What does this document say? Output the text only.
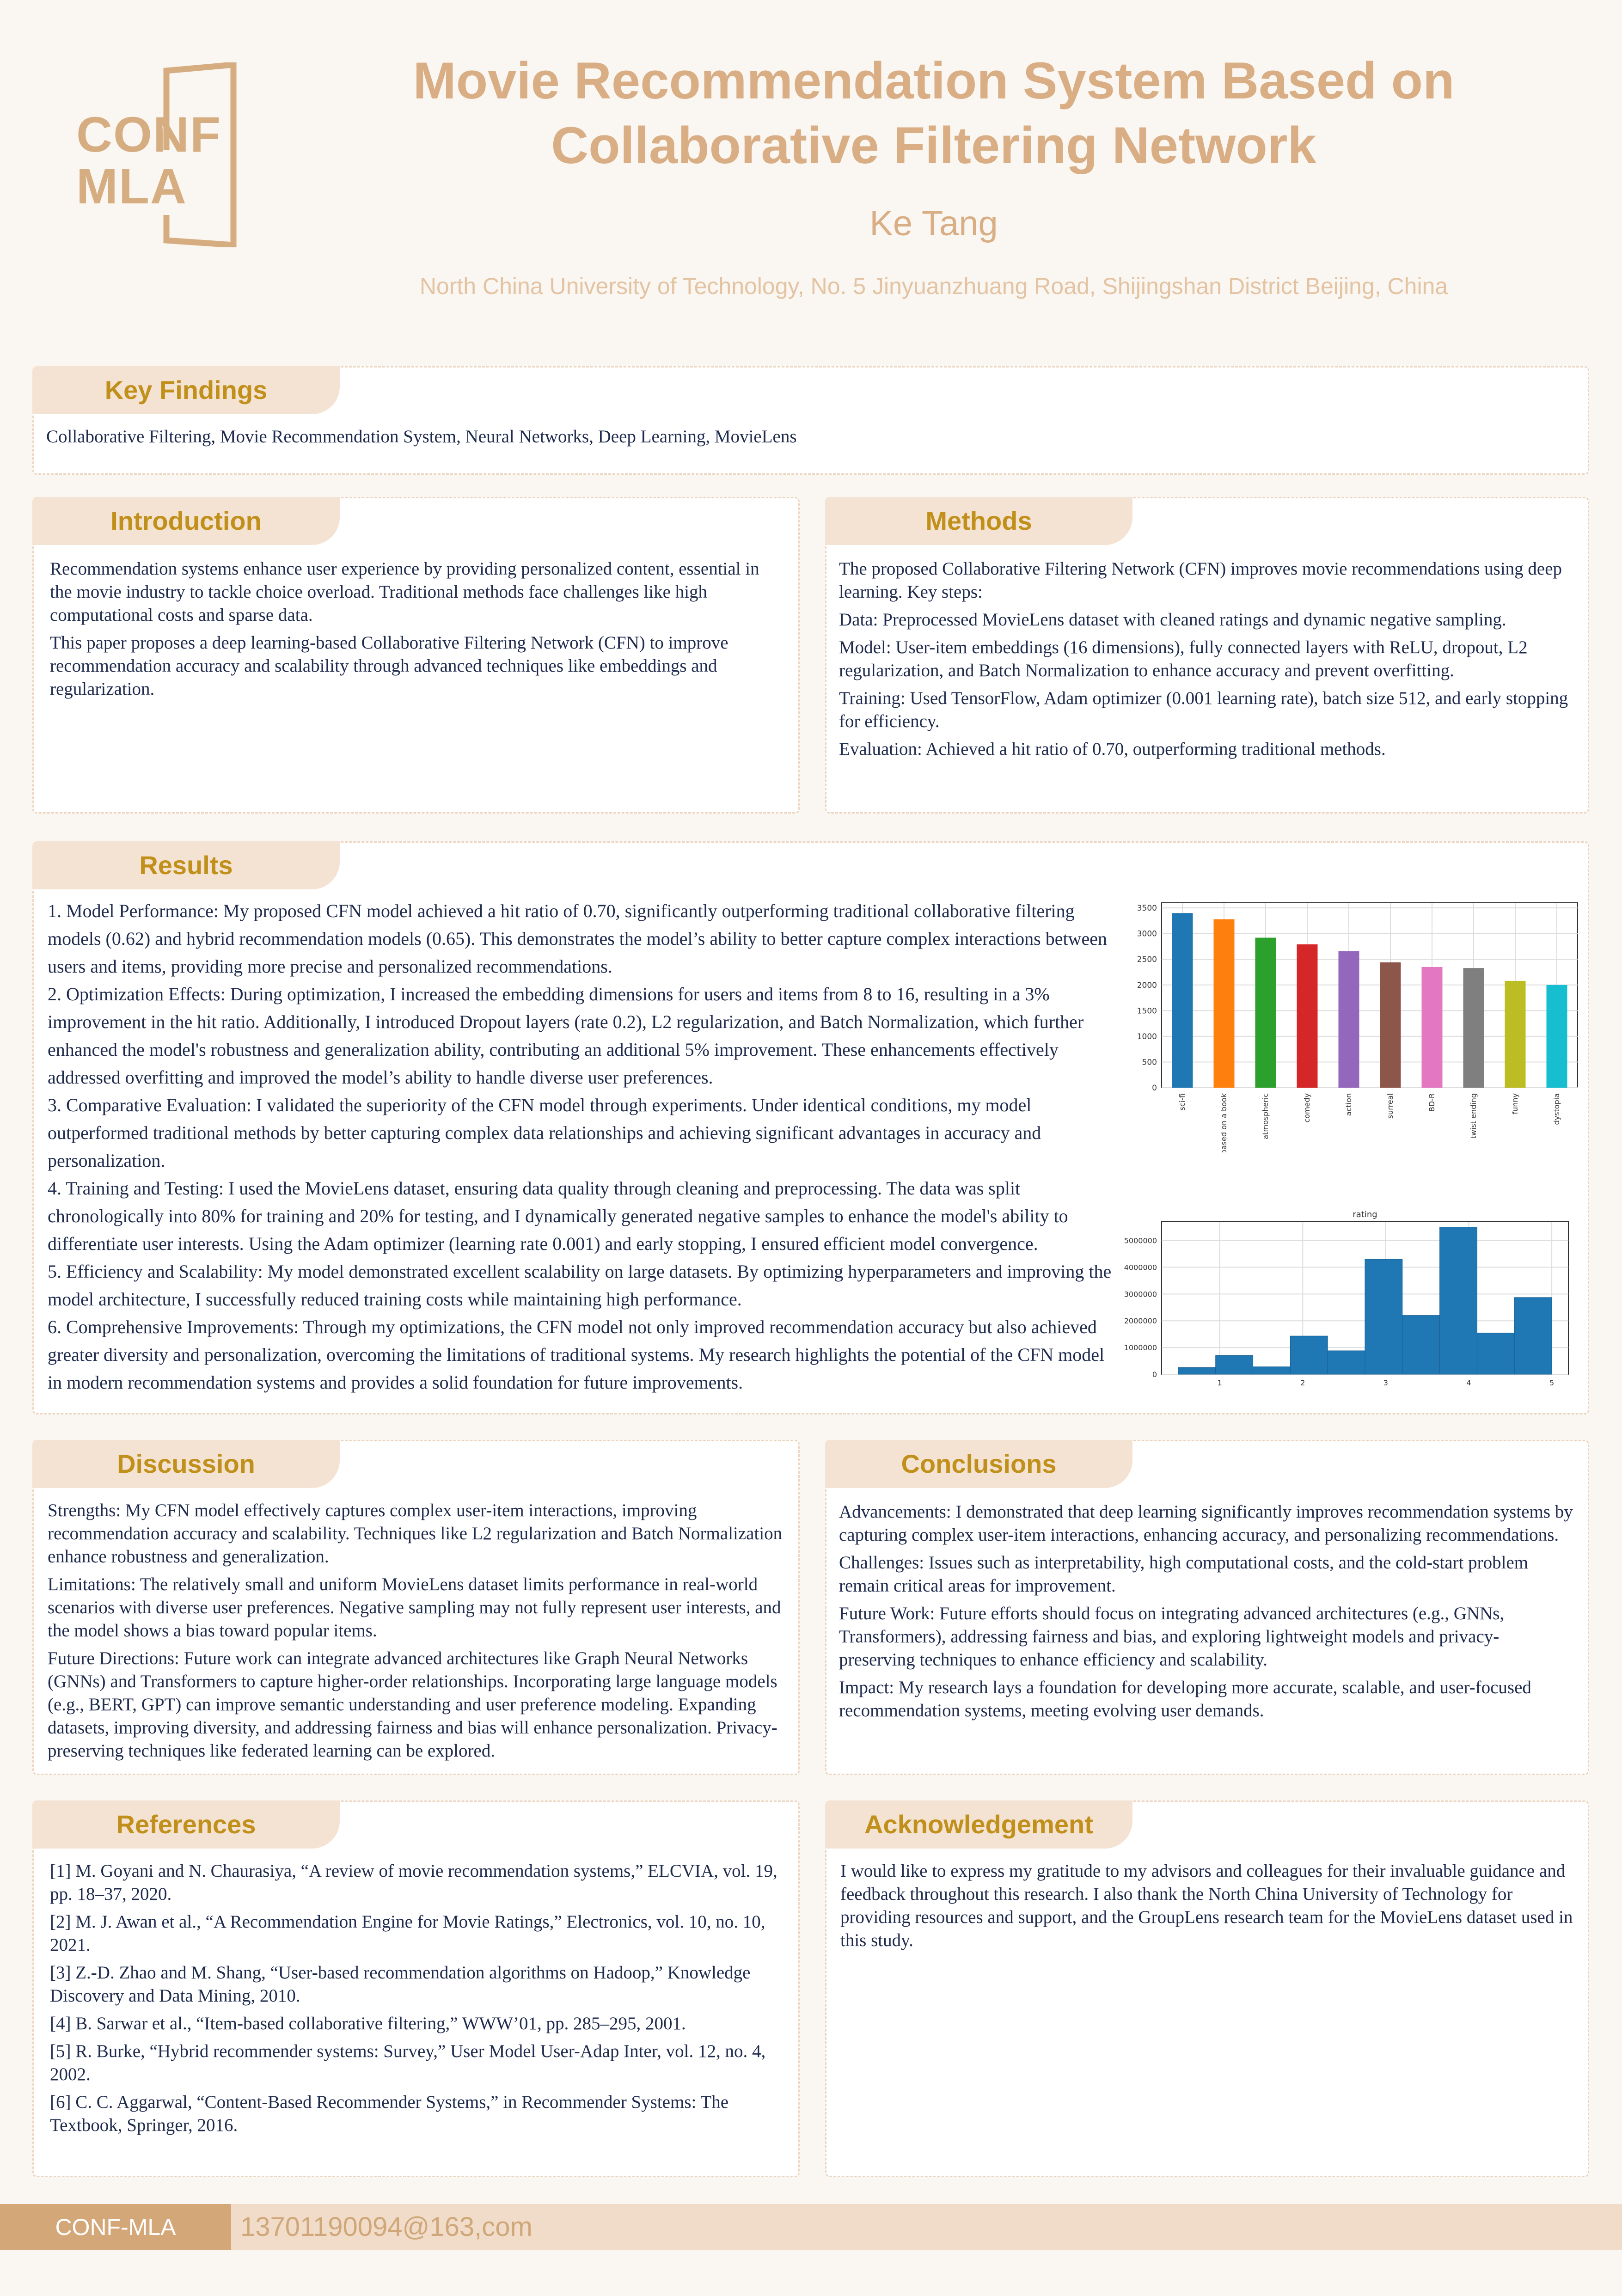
CONF
MLA
Movie Recommendation System Based on
Collaborative Filtering Network
Ke Tang
North China University of Technology, No. 5 Jinyuanzhuang Road, Shijingshan District Beijing, China
Key Findings

Collaborative Filtering, Movie Recommendation System, Neural Networks, Deep Learning, MovieLens

Introduction

Recommendation systems enhance user experience by providing personalized content, essential in the movie industry to tackle choice overload. Traditional methods face challenges like high computational costs and sparse data.

This paper proposes a deep learning-based Collaborative Filtering Network (CFN) to improve recommendation accuracy and scalability through advanced techniques like embeddings and regularization.

Methods

The proposed Collaborative Filtering Network (CFN) improves movie recommendations using deep learning. Key steps:

Data: Preprocessed MovieLens dataset with cleaned ratings and dynamic negative sampling.

Model: User-item embeddings (16 dimensions), fully connected layers with ReLU, dropout, L2 regularization, and Batch Normalization to enhance accuracy and prevent overfitting.

Training: Used TensorFlow, Adam optimizer (0.001 learning rate), batch size 512, and early stopping for efficiency.

Evaluation: Achieved a hit ratio of 0.70, outperforming traditional methods.

Results

1. Model Performance: My proposed CFN model achieved a hit ratio of 0.70, significantly outperforming traditional collaborative filtering models (0.62) and hybrid recommendation models (0.65). This demonstrates the model’s ability to better capture complex interactions between users and items, providing more precise and personalized recommendations.

2. Optimization Effects: During optimization, I increased the embedding dimensions for users and items from 8 to 16, resulting in a 3% improvement in the hit ratio. Additionally, I introduced Dropout layers (rate 0.2), L2 regularization, and Batch Normalization, which further enhanced the model's robustness and generalization ability, contributing an additional 5% improvement. These enhancements effectively addressed overfitting and improved the model’s ability to handle diverse user preferences.

3. Comparative Evaluation: I validated the superiority of the CFN model through experiments. Under identical conditions, my model outperformed traditional methods by better capturing complex data relationships and achieving significant advantages in accuracy and personalization.

4. Training and Testing: I used the MovieLens dataset, ensuring data quality through cleaning and preprocessing. The data was split chronologically into 80% for training and 20% for testing, and I dynamically generated negative samples to enhance the model's ability to differentiate user interests. Using the Adam optimizer (learning rate 0.001) and early stopping, I ensured efficient model convergence.

5. Efficiency and Scalability: My model demonstrated excellent scalability on large datasets. By optimizing hyperparameters and improving the model architecture, I successfully reduced training costs while maintaining high performance.

6. Comprehensive Improvements: Through my optimizations, the CFN model not only improved recommendation accuracy but also achieved greater diversity and personalization, overcoming the limitations of traditional systems. My research highlights the potential of the CFN model in modern recommendation systems and provides a solid foundation for future improvements.

0
500
1000
1500
2000
2500
3000
3500
sci-fi	based on a book	atmospheric	comedy	action	surreal	BD-R	twist ending	funny	dystopia
rating
0
1000000
2000000
3000000
4000000
5000000
1	2	3	4	5
Discussion

Strengths: My CFN model effectively captures complex user-item interactions, improving recommendation accuracy and scalability. Techniques like L2 regularization and Batch Normalization enhance robustness and generalization.

Limitations: The relatively small and uniform MovieLens dataset limits performance in real-world scenarios with diverse user preferences. Negative sampling may not fully represent user interests, and the model shows a bias toward popular items.

Future Directions: Future work can integrate advanced architectures like Graph Neural Networks (GNNs) and Transformers to capture higher-order relationships. Incorporating large language models (e.g., BERT, GPT) can improve semantic understanding and user preference modeling. Expanding datasets, improving diversity, and addressing fairness and bias will enhance personalization. Privacy-preserving techniques like federated learning can be explored.

Conclusions

Advancements: I demonstrated that deep learning significantly improves recommendation systems by capturing complex user-item interactions, enhancing accuracy, and personalizing recommendations.

Challenges: Issues such as interpretability, high computational costs, and the cold-start problem remain critical areas for improvement.

Future Work: Future efforts should focus on integrating advanced architectures (e.g., GNNs, Transformers), addressing fairness and bias, and exploring lightweight models and privacy-preserving techniques to enhance efficiency and scalability.

Impact: My research lays a foundation for developing more accurate, scalable, and user-focused recommendation systems, meeting evolving user demands.

References

[1] M. Goyani and N. Chaurasiya, “A review of movie recommendation systems,” ELCVIA, vol. 19, pp. 18–37, 2020.

[2] M. J. Awan et al., “A Recommendation Engine for Movie Ratings,” Electronics, vol. 10, no. 10, 2021.

[3] Z.-D. Zhao and M. Shang, “User-based recommendation algorithms on Hadoop,” Knowledge Discovery and Data Mining, 2010.

[4] B. Sarwar et al., “Item-based collaborative filtering,” WWW’01, pp. 285–295, 2001.

[5] R. Burke, “Hybrid recommender systems: Survey,” User Model User-Adap Inter, vol. 12, no. 4, 2002.

[6] C. C. Aggarwal, “Content-Based Recommender Systems,” in Recommender Systems: The Textbook, Springer, 2016.

Acknowledgement

I would like to express my gratitude to my advisors and colleagues for their invaluable guidance and feedback throughout this research. I also thank the North China University of Technology for providing resources and support, and the GroupLens research team for the MovieLens dataset used in this study.

CONF-MLA	13701190094@163,com
